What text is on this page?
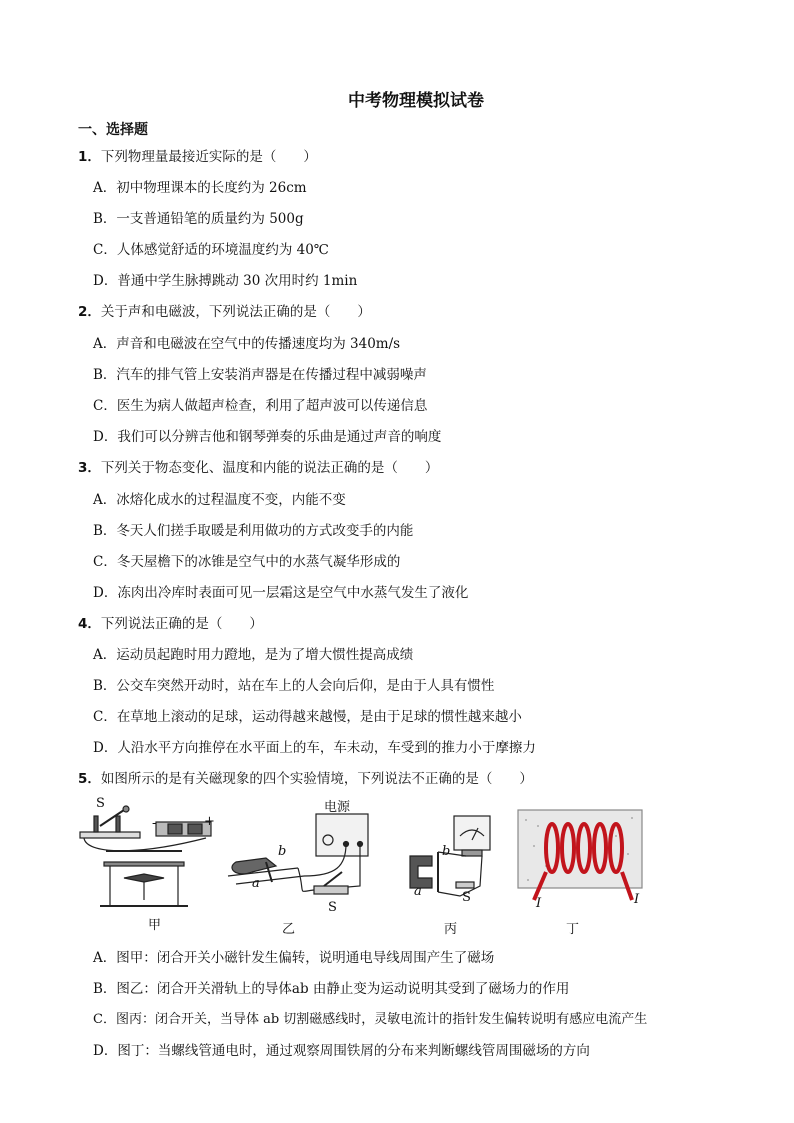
中考物理模拟试卷
一、选择题
1．下列物理量最接近实际的是（　　）
A．初中物理课本的长度约为 26cm
B．一支普通铅笔的质量约为 500g
C．人体感觉舒适的环境温度约为 40℃
D．普通中学生脉搏跳动 30 次用时约 1min
2．关于声和电磁波，下列说法正确的是（　　）
A．声音和电磁波在空气中的传播速度均为 340m/s
B．汽车的排气管上安装消声器是在传播过程中减弱噪声
C．医生为病人做超声检查，利用了超声波可以传递信息
D．我们可以分辨吉他和钢琴弹奏的乐曲是通过声音的响度
3．下列关于物态变化、温度和内能的说法正确的是（　　）
A．冰熔化成水的过程温度不变，内能不变
B．冬天人们搓手取暖是利用做功的方式改变手的内能
C．冬天屋檐下的冰锥是空气中的水蒸气凝华形成的
D．冻肉出冷库时表面可见一层霜这是空气中水蒸气发生了液化
4．下列说法正确的是（　　）
A．运动员起跑时用力蹬地，是为了增大惯性提高成绩
B．公交车突然开动时，站在车上的人会向后仰，是由于人具有惯性
C．在草地上滚动的足球，运动得越来越慢，是由于足球的惯性越来越小
D．人沿水平方向推停在水平面上的车，车未动，车受到的推力小于摩擦力
5．如图所示的是有关磁现象的四个实验情境，下列说法不正确的是（　　）
S
-	+
电源
b
a
S
b
a	S	I	I
甲	乙	丙	丁
A．图甲：闭合开关小磁针发生偏转，说明通电导线周围产生了磁场
B．图乙：闭合开关滑轨上的导体ab 由静止变为运动说明其受到了磁场力的作用
C．图丙：闭合开关，当导体 ab 切割磁感线时，灵敏电流计的指针发生偏转说明有感应电流产生
D．图丁：当螺线管通电时，通过观察周围铁屑的分布来判断螺线管周围磁场的方向
